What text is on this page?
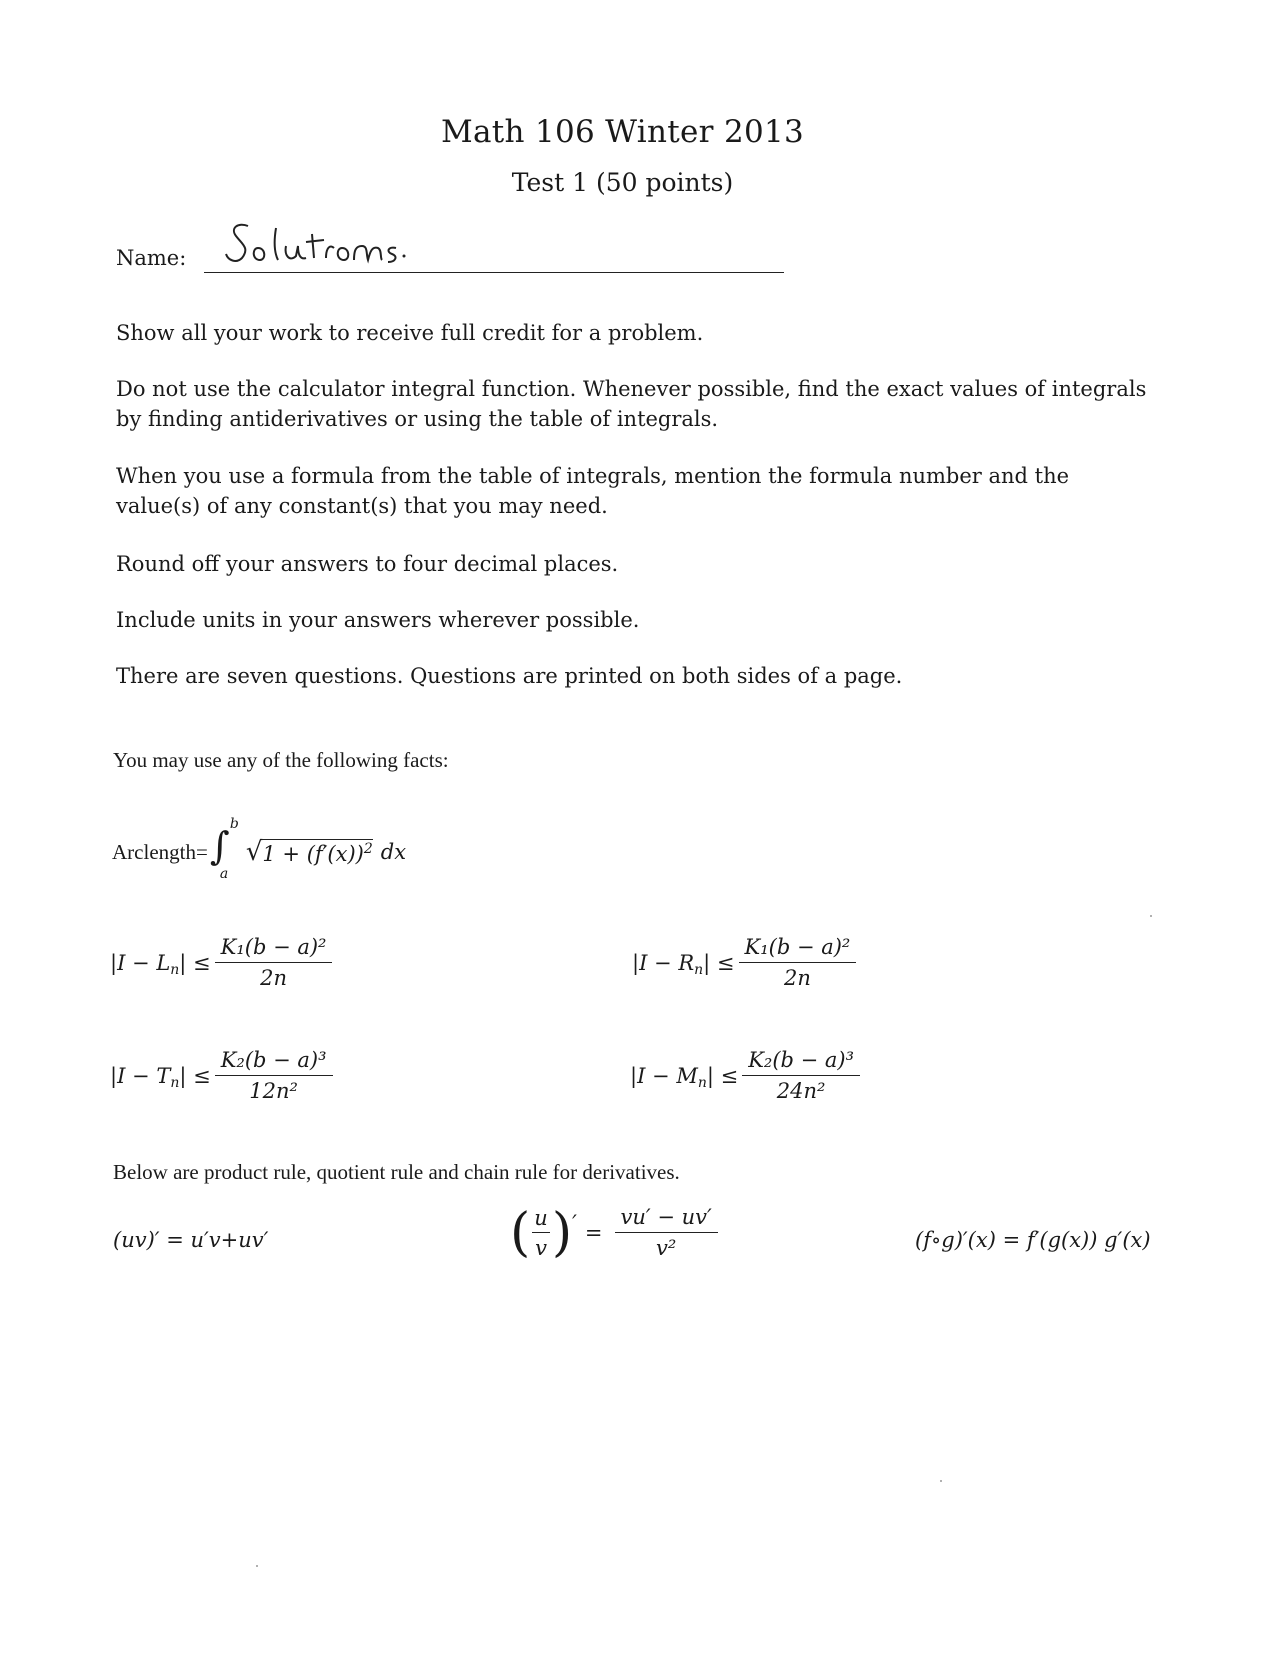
Math 106 Winter 2013
Test 1 (50 points)
Name:
Show all your work to receive full credit for a problem.
Do not use the calculator integral function. Whenever possible, find the exact values of integrals by finding antiderivatives or using the table of integrals.
When you use a formula from the table of integrals, mention the formula number and the value(s) of any constant(s) that you may need.
Round off your answers to four decimal places.
Include units in your answers wherever possible.
There are seven questions. Questions are printed on both sides of a page.
You may use any of the following facts:
Arclength= ∫ b
a
√ $1 + (f'(x))^2$ dx
$|I - L_n| \le \frac{\text{K₁(b − a)²}}{2n}$	$|I - R_n| \le \frac{\text{K₁(b − a)²}}{2n}$
$|I - T_n| \le \frac{\text{K₂(b − a)³}}{\text{12n²}}$	$|I - M_n| \le \frac{\text{K₂(b − a)³}}{\text{24n²}}$
Below are product rule, quotient rule and chain rule for derivatives.
(uv)′ = u′v+uv′	( $\frac{u}{v}$ ) ′ = $\frac{vu' - uv'}{\text{v²}}$	(f∘g)′(x) = f′(g(x)) g′(x)
